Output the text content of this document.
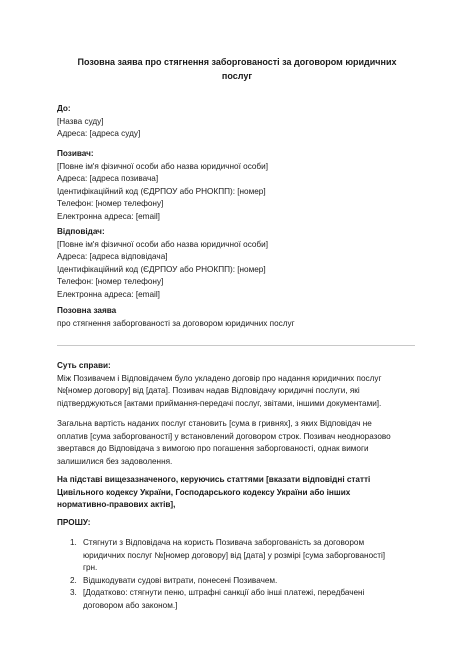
Позовна заява про стягнення заборгованості за договором юридичних
послуг
До:
[Назва суду]
Адреса: [адреса суду]
Позивач:
[Повне ім'я фізичної особи або назва юридичної особи]
Адреса: [адреса позивача]
Ідентифікаційний код (ЄДРПОУ або РНОКПП): [номер]
Телефон: [номер телефону]
Електронна адреса: [email]
Відповідач:
[Повне ім'я фізичної особи або назва юридичної особи]
Адреса: [адреса відповідача]
Ідентифікаційний код (ЄДРПОУ або РНОКПП): [номер]
Телефон: [номер телефону]
Електронна адреса: [email]
Позовна заява
про стягнення заборгованості за договором юридичних послуг
Суть справи:
Між Позивачем і Відповідачем було укладено договір про надання юридичних послуг
№[номер договору] від [дата]. Позивач надав Відповідачу юридичні послуги, які
підтверджуються [актами приймання-передачі послуг, звітами, іншими документами].
Загальна вартість наданих послуг становить [сума в гривнях], з яких Відповідач не
оплатив [сума заборгованості] у встановлений договором строк. Позивач неодноразово
звертався до Відповідача з вимогою про погашення заборгованості, однак вимоги
залишилися без задоволення.
На підставі вищезазначеного, керуючись статтями [вказати відповідні статті
Цивільного кодексу України, Господарського кодексу України або інших
нормативно-правових актів],
ПРОШУ:
1. Стягнути з Відповідача на користь Позивача заборгованість за договором
юридичних послуг №[номер договору] від [дата] у розмірі [сума заборгованості]
грн.
2. Відшкодувати судові витрати, понесені Позивачем.
3. [Додатково: стягнути пеню, штрафні санкції або інші платежі, передбачені
договором або законом.]
